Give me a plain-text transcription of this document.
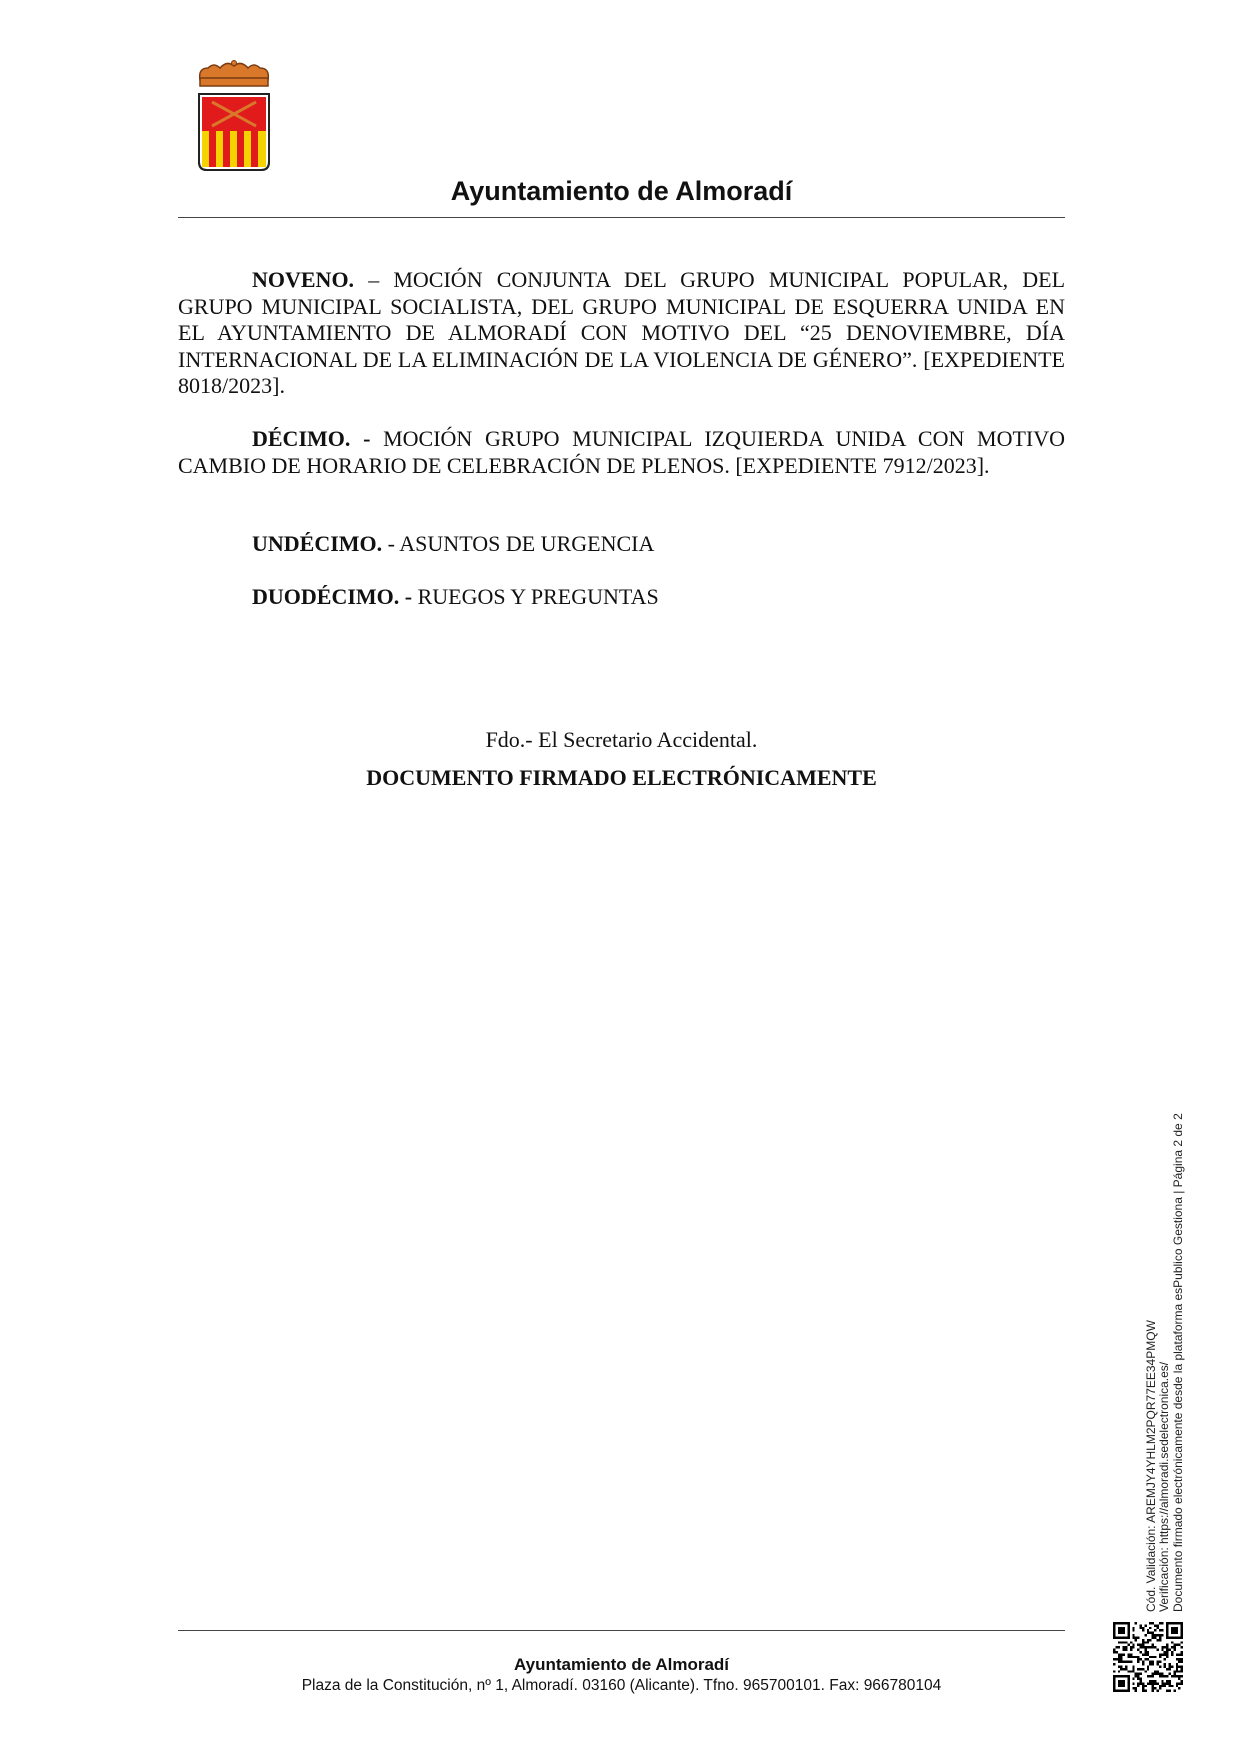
Ayuntamiento de Almoradí
NOVENO. – MOCIÓN CONJUNTA DEL GRUPO MUNICIPAL POPULAR, DEL GRUPO MUNICIPAL SOCIALISTA, DEL GRUPO MUNICIPAL DE ESQUERRA UNIDA EN EL AYUNTAMIENTO DE ALMORADÍ CON MOTIVO DEL “25 DENOVIEMBRE, DÍA INTERNACIONAL DE LA ELIMINACIÓN DE LA VIOLENCIA DE GÉNERO”. [EXPEDIENTE 8018/2023].
DÉCIMO. - MOCIÓN GRUPO MUNICIPAL IZQUIERDA UNIDA CON MOTIVO CAMBIO DE HORARIO DE CELEBRACIÓN DE PLENOS. [EXPEDIENTE 7912/2023].
UNDÉCIMO. - ASUNTOS DE URGENCIA
DUODÉCIMO. - RUEGOS Y PREGUNTAS
Fdo.- El Secretario Accidental.
DOCUMENTO FIRMADO ELECTRÓNICAMENTE
Ayuntamiento de Almoradí
Plaza de la Constitución, nº 1, Almoradí. 03160 (Alicante). Tfno. 965700101. Fax: 966780104
Cód. Validación: AREMJY4YHLM2PQR77EE34PMQW Verificación: https://almoradi.sedelectronica.es/ Documento firmado electrónicamente desde la plataforma esPublico Gestiona | Página 2 de 2
